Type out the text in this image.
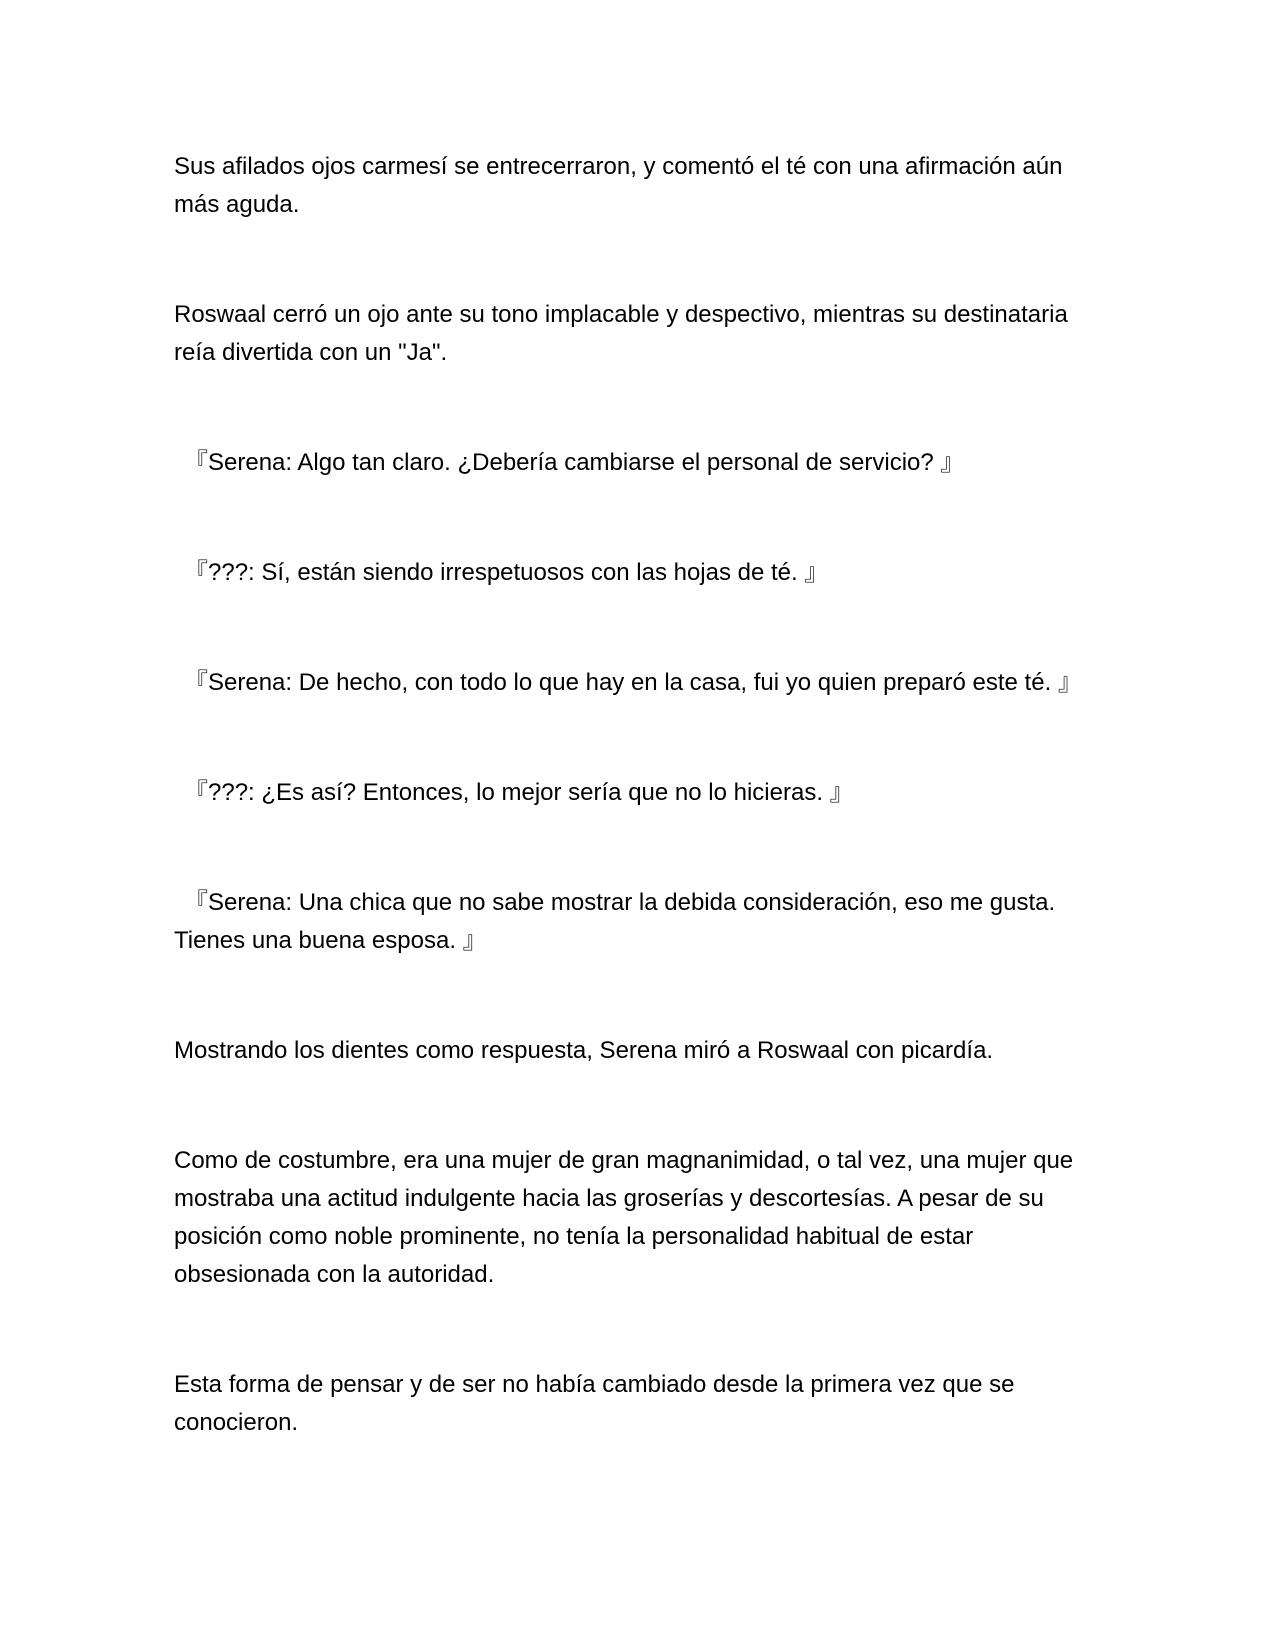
Sus afilados ojos carmesí se entrecerraron, y comentó el té con una afirmación aún más aguda.

Roswaal cerró un ojo ante su tono implacable y despectivo, mientras su destinataria reía divertida con un "Ja".

『Serena: Algo tan claro. ¿Debería cambiarse el personal de servicio? 』

『???: Sí, están siendo irrespetuosos con las hojas de té. 』

『Serena: De hecho, con todo lo que hay en la casa, fui yo quien preparó este té. 』

『???: ¿Es así? Entonces, lo mejor sería que no lo hicieras. 』

『Serena: Una chica que no sabe mostrar la debida consideración, eso me gusta. Tienes una buena esposa. 』

Mostrando los dientes como respuesta, Serena miró a Roswaal con picardía.

Como de costumbre, era una mujer de gran magnanimidad, o tal vez, una mujer que mostraba una actitud indulgente hacia las groserías y descortesías. A pesar de su posición como noble prominente, no tenía la personalidad habitual de estar obsesionada con la autoridad.

Esta forma de pensar y de ser no había cambiado desde la primera vez que se conocieron.
